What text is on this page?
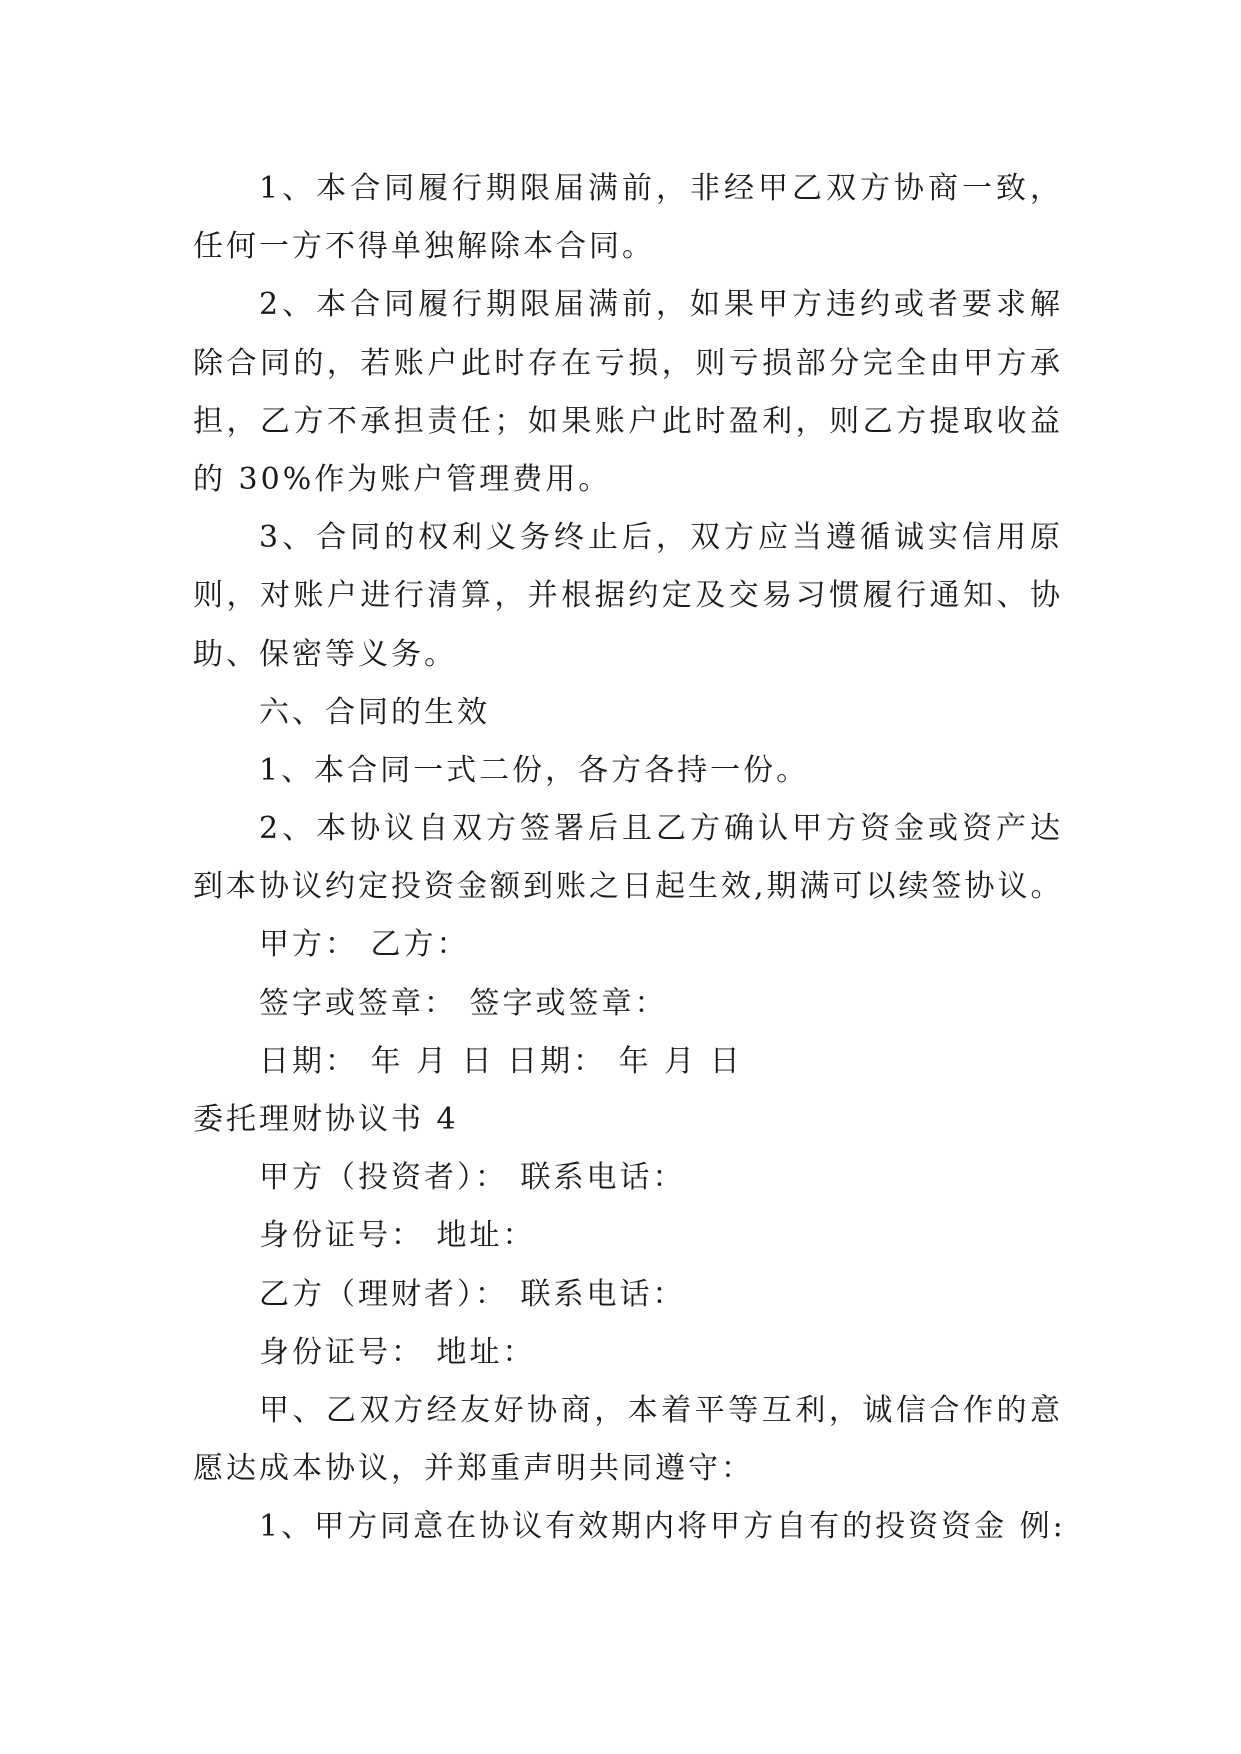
1、本合同履行期限届满前，非经甲乙双方协商一致，
任何一方不得单独解除本合同。
2、本合同履行期限届满前，如果甲方违约或者要求解
除合同的，若账户此时存在亏损，则亏损部分完全由甲方承
担，乙方不承担责任；如果账户此时盈利，则乙方提取收益
的 30%作为账户管理费用。
3、合同的权利义务终止后，双方应当遵循诚实信用原
则，对账户进行清算，并根据约定及交易习惯履行通知、协
助、保密等义务。
六、合同的生效
1、本合同一式二份，各方各持一份。
2、本协议自双方签署后且乙方确认甲方资金或资产达
到本协议约定投资金额到账之日起生效,期满可以续签协议。
甲方： 乙方：
签字或签章： 签字或签章：
日期： 年 月 日 日期： 年 月 日
委托理财协议书 4
甲方（投资者）： 联系电话：
身份证号： 地址：
乙方（理财者）： 联系电话：
身份证号： 地址：
甲、乙双方经友好协商，本着平等互利，诚信合作的意
愿达成本协议，并郑重声明共同遵守：
1、甲方同意在协议有效期内将甲方自有的投资资金 例:
